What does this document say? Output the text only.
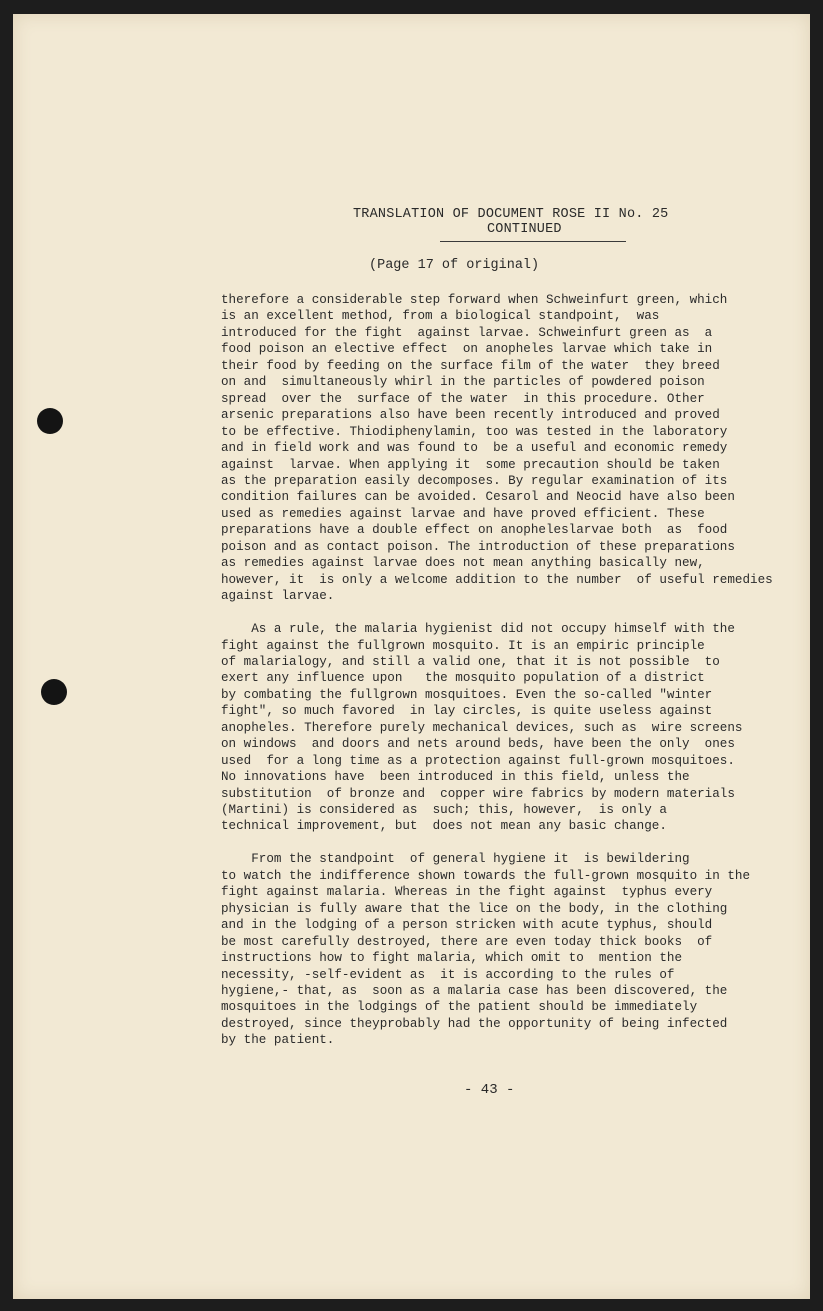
TRANSLATION OF DOCUMENT ROSE II No. 25
CONTINUED
(Page 17 of original)
therefore a considerable step forward when Schweinfurt green, which
is an excellent method, from a biological standpoint,  was
introduced for the fight  against larvae. Schweinfurt green as  a
food poison an elective effect  on anopheles larvae which take in
their food by feeding on the surface film of the water  they breed
on and  simultaneously whirl in the particles of powdered poison
spread  over the  surface of the water  in this procedure. Other
arsenic preparations also have been recently introduced and proved
to be effective. Thiodiphenylamin, too was tested in the laboratory
and in field work and was found to  be a useful and economic remedy
against  larvae. When applying it  some precaution should be taken
as the preparation easily decomposes. By regular examination of its
condition failures can be avoided. Cesarol and Neocid have also been
used as remedies against larvae and have proved efficient. These
preparations have a double effect on anopheleslarvae both  as  food
poison and as contact poison. The introduction of these preparations
as remedies against larvae does not mean anything basically new,
however, it  is only a welcome addition to the number  of useful remedies
against larvae.
As a rule, the malaria hygienist did not occupy himself with the
fight against the fullgrown mosquito. It is an empiric principle
of malarialogy, and still a valid one, that it is not possible  to
exert any influence upon   the mosquito population of a district
by combating the fullgrown mosquitoes. Even the so-called "winter
fight", so much favored  in lay circles, is quite useless against
anopheles. Therefore purely mechanical devices, such as  wire screens
on windows  and doors and nets around beds, have been the only  ones
used  for a long time as a protection against full-grown mosquitoes.
No innovations have  been introduced in this field, unless the
substitution  of bronze and  copper wire fabrics by modern materials
(Martini) is considered as  such; this, however,  is only a
technical improvement, but  does not mean any basic change.
From the standpoint  of general hygiene it  is bewildering
to watch the indifference shown towards the full-grown mosquito in the
fight against malaria. Whereas in the fight against  typhus every
physician is fully aware that the lice on the body, in the clothing
and in the lodging of a person stricken with acute typhus, should
be most carefully destroyed, there are even today thick books  of
instructions how to fight malaria, which omit to  mention the
necessity, -self-evident as  it is according to the rules of
hygiene,- that, as  soon as a malaria case has been discovered, the
mosquitoes in the lodgings of the patient should be immediately
destroyed, since theyprobably had the opportunity of being infected
by the patient.
- 43 -
